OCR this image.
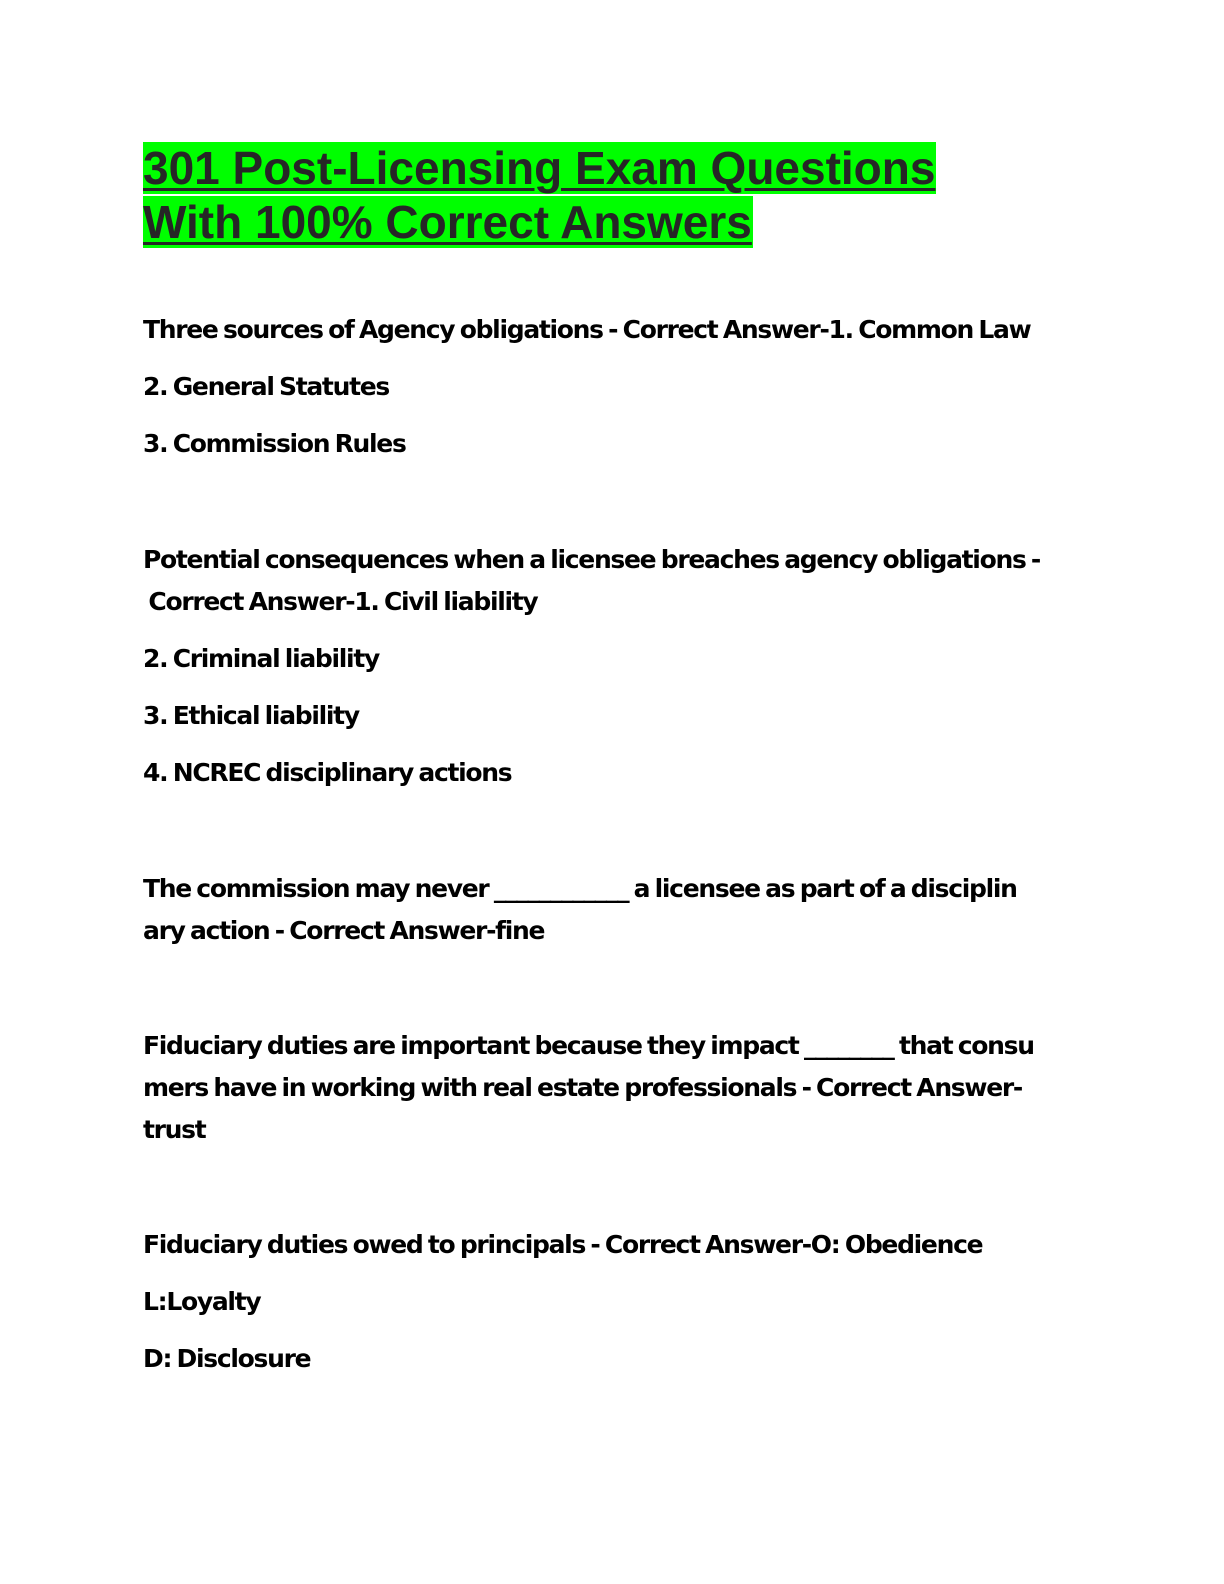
301 Post-Licensing Exam Questions
With 100% Correct Answers

Three sources of Agency obligations - Correct Answer-1. Common Law

2. General Statutes

3. Commission Rules

Potential consequences when a licensee breaches agency obligations -

Correct Answer-1. Civil liability

2. Criminal liability

3. Ethical liability

4. NCREC disciplinary actions

The commission may never ____________ a licensee as part of a disciplin

ary action - Correct Answer-fine

Fiduciary duties are important because they impact ________ that consu

mers have in working with real estate professionals - Correct Answer-

trust

Fiduciary duties owed to principals - Correct Answer-O: Obedience

L:Loyalty

D: Disclosure
